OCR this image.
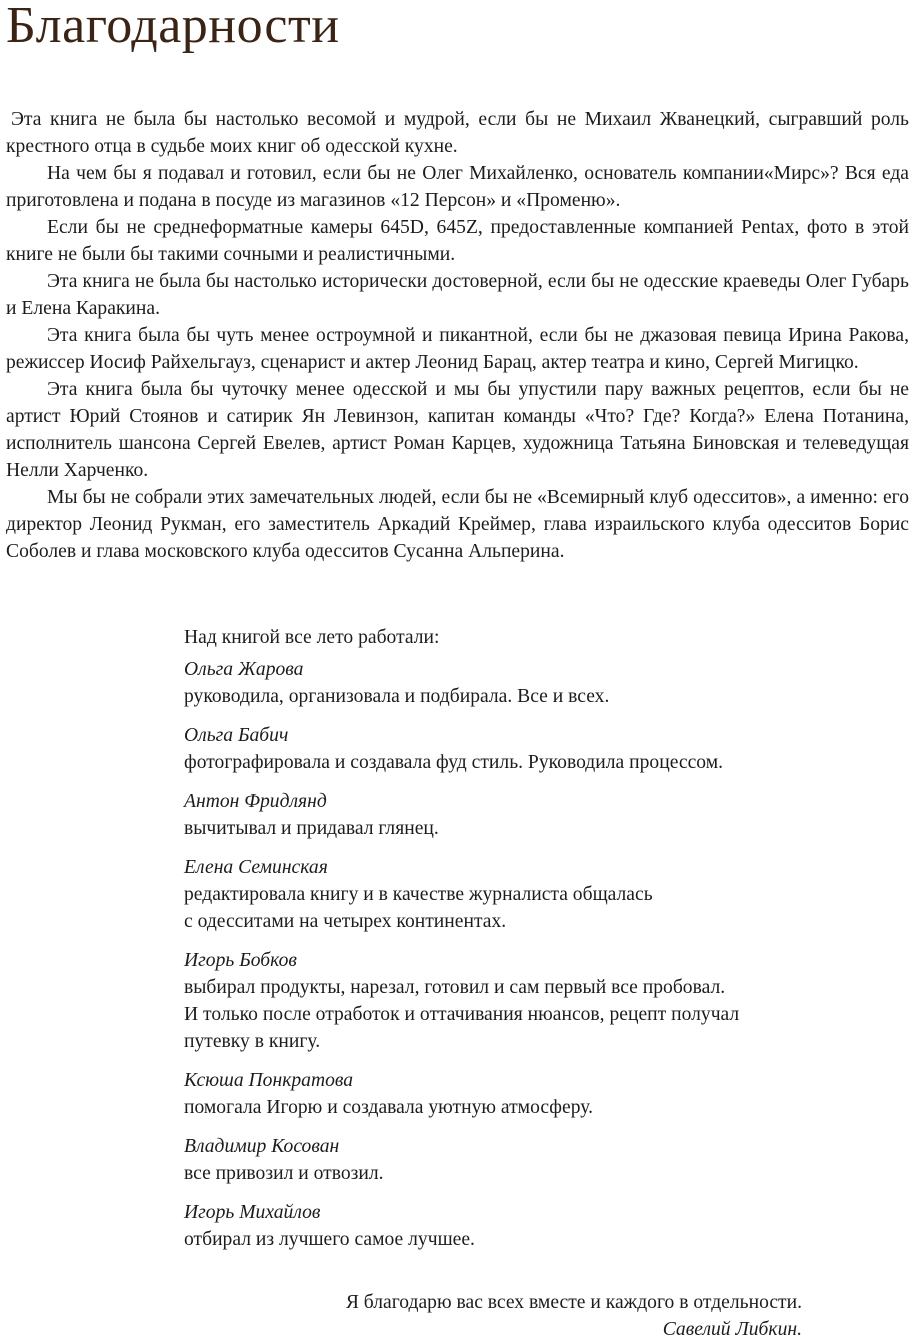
Благодарности

Эта книга не была бы настолько весомой и мудрой, если бы не Михаил Жванецкий, сыгравший роль крестного отца в судьбе моих книг об одесской кухне.

На чем бы я подавал и готовил, если бы не Олег Михайленко, основатель компании«Мирс»? Вся еда приготовлена и подана в посуде из магазинов «12 Персон» и «Променю».

Если бы не среднеформатные камеры 645D, 645Z, предоставленные компанией Pentax, фото в этой книге не были бы такими сочными и реалистичными.

Эта книга не была бы настолько исторически достоверной, если бы не одесские краеведы Олег Губарь и Елена Каракина.

Эта книга была бы чуть менее остроумной и пикантной, если бы не джазовая певица Ирина Ракова, режиссер Иосиф Райхельгауз, сценарист и актер Леонид Барац, актер театра и кино, Сергей Мигицко.

Эта книга была бы чуточку менее одесской и мы бы упустили пару важных рецептов, если бы не артист Юрий Стоянов и сатирик Ян Левинзон, капитан команды «Что? Где? Когда?» Елена Потанина, исполнитель шансона Сергей Евелев, артист Роман Карцев, художница Татьяна Биновская и телеведущая Нелли Харченко.

Мы бы не собрали этих замечательных людей, если бы не «Всемирный клуб одесситов», а именно: его директор Леонид Рукман, его заместитель Аркадий Креймер, глава израильского клуба одесситов Борис Соболев и глава московского клуба одесситов Сусанна Альперина.

Над книгой все лето работали:

Ольга Жарова
руководила, организовала и подбирала. Все и всех.
Ольга Бабич
фотографировала и создавала фуд стиль. Руководила процессом.
Антон Фридлянд
вычитывал и придавал глянец.
Елена Семинская
редактировала книгу и в качестве журналиста общалась
с одесситами на четырех континентах.
Игорь Бобков
выбирал продукты, нарезал, готовил и сам первый все пробовал.
И только после отработок и оттачивания нюансов, рецепт получал
путевку в книгу.
Ксюша Понкратова
помогала Игорю и создавала уютную атмосферу.
Владимир Косован
все привозил и отвозил.
Игорь Михайлов
отбирал из лучшего самое лучшее.
Я благодарю вас всех вместе и каждого в отдельности.
Савелий Либкин.
